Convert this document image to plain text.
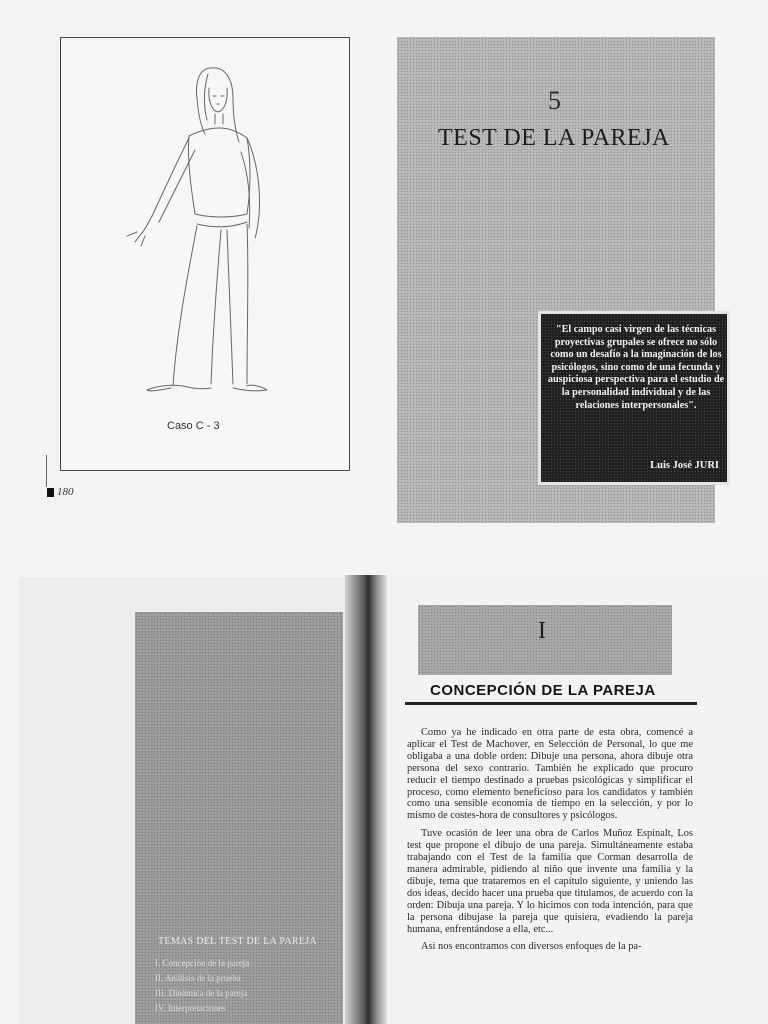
Caso C - 3
180
5
TEST DE LA PAREJA
"El campo casi virgen de las técnicas proyectivas grupales se ofrece no sólo como un desafío a la imaginación de los psicólogos, sino como de una fecunda y auspiciosa perspectiva para el estudio de la personalidad individual y de las relaciones interpersonales".
Luis José JURI
TEMAS DEL TEST DE LA PAREJA
I. Concepción de la pareja
II. Análisis de la prueba
III. Dinámica de la pareja
IV. Interpretaciones
I
CONCEPCIÓN DE LA PAREJA

Como ya he indicado en otra parte de esta obra, comencé a aplicar el Test de Machover, en Selección de Personal, lo que me obligaba a una doble orden: Dibuje una persona, ahora dibuje otra persona del sexo contrario. También he explicado que procuro reducir el tiempo destinado a pruebas psicológicas y simplificar el proceso, como elemento beneficioso para los candidatos y también como una sensible economía de tiempo en la selección, y por lo mismo de costes-hora de consultores y psicólogos.

Tuve ocasión de leer una obra de Carlos Muñoz Espinalt, Los test que propone el dibujo de una pareja. Simultáneamente estaba trabajando con el Test de la familia que Corman desarrolla de manera admirable, pidiendo al niño que invente una familia y la dibuje, tema que trataremos en el capítulo siguiente, y uniendo las dos ideas, decido hacer una prueba que titulamos, de acuerdo con la orden: Dibuja una pareja. Y lo hicimos con toda intención, para que la persona dibujase la pareja que quisiera, evadiendo la pareja humana, enfrentándose a ella, etc...

Así nos encontramos con diversos enfoques de la pa-
